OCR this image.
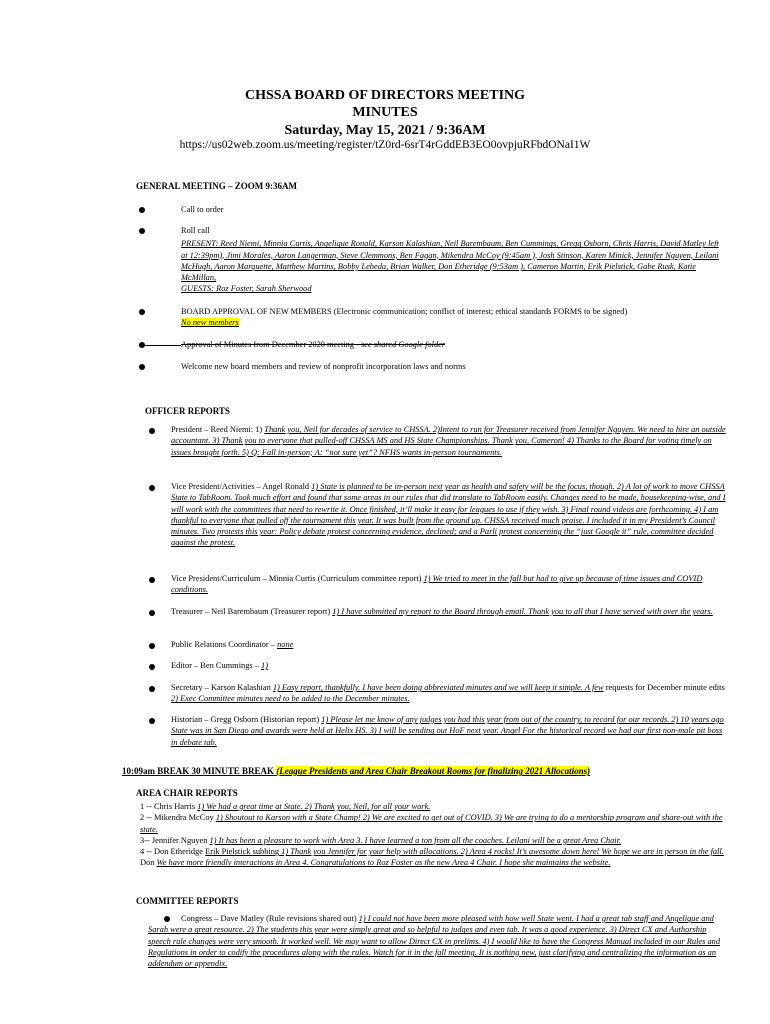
CHSSA BOARD OF DIRECTORS MEETING
MINUTES
Saturday, May 15, 2021 / 9:36AM
https://us02web.zoom.us/meeting/register/tZ0rd-6srT4rGddEB3EO0ovpjuRFbdONaI1W
GENERAL MEETING – ZOOM 9:36AM
Call to order
Roll call
PRESENT: Reed Niemi, Minnia Curtis, Angelique Ronald, Karson Kalashian, Neil Barembaum, Ben Cummings, Gregg Osborn, Chris Harris, David Matley left at 12:39pm), Jimi Morales, Aaron Langerman, Steve Clemmons, Ben Fagan, Mikendra McCoy (9:45am ), Josh Stinson, Karen Minick, Jennifer Nguyen, Leilani McHugh, Aaron Marquette, Matthew Martins, Bobby Lebeda, Brian Walker, Don Etheridge (9:53am ), Cameron Martin, Erik Pielstick, Gabe Rusk, Katie McMillan,
GUESTS: Roz Foster, Sarah Sherwood
BOARD APPROVAL OF NEW MEMBERS (Electronic communication; conflict of interest; ethical standards FORMS to be signed)
No new members
Approval of Minutes from December 2020 meeting - see shared Google folder
Welcome new board members and review of nonprofit incorporation laws and norms
OFFICER REPORTS
President – Reed Niemi: 1) Thank you, Neil for decades of service to CHSSA. 2)Intent to run for Treasurer received from Jennifer Nguyen. We need to hire an outside accountant. 3) Thank you to everyone that pulled-off CHSSA MS and HS State Championships. Thank you, Cameron! 4) Thanks to the Board for voting timely on issues brought forth. 5) Q: Fall in-person; A: “not sure yet”? NFHS wants in-person tournaments.
Vice President/Activities – Angel Ronald 1) State is planned to be in-person next year as health and safety will be the focus, though. 2) A lot of work to move CHSSA State to TabRoom. Took much effort and found that some areas in our rules that did translate to TabRoom easily. Changes need to be made, housekeeping-wise, and I will work with the committees that need to rewrite it. Once finished, it’ll make it easy for leagues to use if they wish. 3) Final round videos are forthcoming. 4) I am thankful to everyone that pulled off the tournament this year. It was built from the ground up. CHSSA received much praise. I included it in my President’s Council minutes. Two protests this year: Policy debate protest concerning evidence, declined; and a Parli protest concerning the “just Google it” rule, committee decided against the protest.
Vice President/Curriculum – Minnia Curtis (Curriculum committee report) 1) We tried to meet in the fall but had to give up because of time issues and COVID conditions.
Treasurer – Neil Barembaum (Treasurer report) 1) I have submitted my report to the Board through email. Thank you to all that I have served with over the years.
Public Relations Coordinator – none
Editor – Ben Cummings – 1)
Secretary – Karson Kalashian 1) Easy report, thankfully. I have been doing abbreviated minutes and we will keep it simple. A few requests for December minute edits 2) Exec Committee minutes need to be added to the December minutes.
Historian – Gregg Osborn (Historian report) 1) Please let me know of any judges you had this year from out of the country, to record for our records. 2) 10 years ago State was in San Diego and awards were held at Helix HS. 3) I will be sending out HoF next year. Angel For the historical record we had our first non-male pit boss in debate tab.
10:09am BREAK 30 MINUTE BREAK (League Presidents and Area Chair Breakout Rooms for finalizing 2021 Allocations)
AREA CHAIR REPORTS
1 -- Chris Harris 1) We had a great time at State. 2) Thank you, Neil, for all your work.
2 -- Mikendra McCoy 1) Shoutout to Karson with a State Champ! 2) We are excited to get out of COVID. 3) We are trying to do a mentorship program and share-out with the state.
3-- Jennifer Nguyen 1) It has been a pleasure to work with Area 3. I have learned a ton from all the coaches. Leilani will be a great Area Chair.
4 -- Don Etheridge Erik Pielstick subbing 1) Thank you Jennifer for your help with allocations. 2) Area 4 rocks! It’s awesome down here! We hope we are in person in the fall. Don We have more friendly interactions in Area 4. Congratulations to Roz Foster as the new Area 4 Chair. I hope she maintains the website.
COMMITTEE REPORTS
Congress – Dave Matley (Rule revisions shared out) 1) I could not have been more pleased with how well State went. I had a great tab staff and Angelique and Sarah were a great resource. 2) The students this year were simply great and so helpful to judges and even tab. It was a good experience. 3) Direct CX and Authorship speech rule changes were very smooth. It worked well. We may want to allow Direct CX in prelims. 4) I would like to have the Congress Manual included in our Rules and Regulations in order to codify the procedures along with the rules. Watch for it in the fall meeting. It is nothing new, just clarifying and centralizing the information as an addendum or appendix.
